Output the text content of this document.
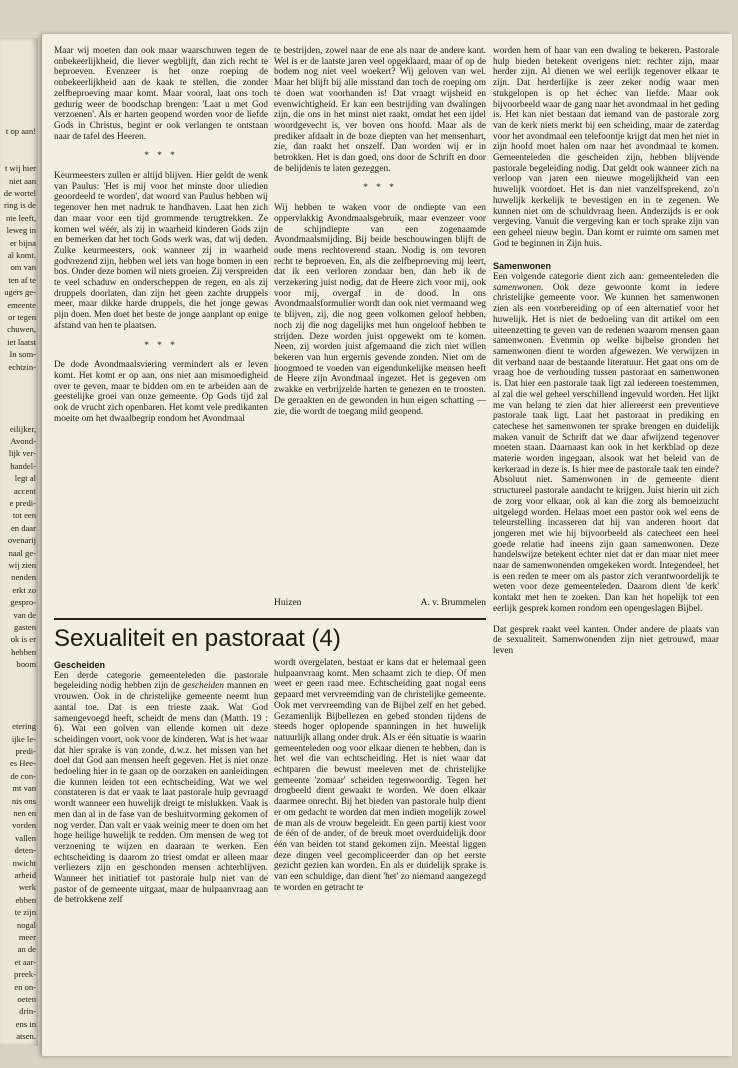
t op aan!
t wij hier
niet aan
de wortel
ring is de
nte leeft,
leweg in
er bijna
al komt.
om van
ten af te
ugers ge-
emeente
or tegen
chuwen,
iet laatst
In som-
echtzin-
eilijker,
Avond-
lijk ver-
handel-
legt al
accent
e predi-
tot een
en daar
ovenarij
naal ge-
wij zien
nenden
erkt zo
gespro-
van de
gasten
ok is er
hebben
boom
etering
ijke le-
predi-
es Hee-
de con-
mt van
nis ons
nen en
vorden
vallen
deten-
nwicht
arheid
werk
ebben
te zijn
nogal
meer
an de
et aar-
preek-
en on-
oeten
drin-
ens in
atsen.

Maar wij moeten dan ook maar waarschuwen tegen de onbekeerlijkheid, die liever wegblijft, dan zich recht te beproeven. Evenzeer is het onze roeping de onbekeerlijkheid aan de kaak te stellen, die zonder zelfbeproeving maar komt. Maar vooral, laat ons toch gedurig weer de boodschap brengen: 'Laat u met God verzoenen'. Als er harten geopend worden voor de liefde Gods in Christus, begint er ook verlangen te ontstaan naar de tafel des Heeren.

* * *

Keurmeesters zullen er altijd blijven. Hier geldt de wenk van Paulus: 'Het is mij voor het minste door uliedien geoordeeld te worden', dat woord van Paulus hebben wij tegenover hen met nadruk te handhaven. Laat hen zich dan maar voor een tijd grommende terugtrekken. Ze komen wel wéér, als zij in waarheid kinderen Gods zijn en bemerken dat het toch Gods werk was, dat wij deden. Zulke keurmeesters, ook wanneer zij in waarheid godvrezend zijn, hebben wel iets van hoge bomen in een bos. Onder deze bomen wil niets groeien. Zij verspreiden te veel schaduw en onderscheppen de regen, en als zij druppels doorlaten, dan zijn het geen zachte druppels meer, maar dikke harde druppels, die het jonge gewas pijn doen. Men doet het beste de jonge aanplant op enige afstand van hen te plaatsen.

* * *

De dode Avondmaalsviering vermindert als er leven komt. Het komt er op aan, ons niet aan mismoedigheid over te geven, maar te bidden om en te arbeiden aan de geestelijke groei van onze gemeente. Op Gods tijd zal ook de vrucht zich openbaren. Het komt vele predikanten moeite om het dwaalbegrip rondom het Avondmaal

te bestrijden, zowel naar de ene als naar de andere kant. Wel is er de laatste jaren veel opgeklaard, maar of op de bodem nog niet veel woekert? Wij geloven van wel. Maar het blijft bij alle misstand dan toch de roeping om te doen wat voorhanden is! Dat vraagt wijsheid en evenwichtigheid. Er kan een bestrijding van dwalingen zijn, die ons in het minst niet raakt, omdat het een ijdel woordgevecht is, ver boven ons hoofd. Maar als de prediker afdaalt in de boze diepten van het mensenhart, zie, dan raakt het onszelf. Dan worden wij er in betrokken. Het is dan goed, ons door de Schrift en door de belijdenis te laten gezeggen.

* * *

Wij hebben te waken voor de ondiepte van een oppervlakkig Avondmaalsgebruik, maar evenzeer voor de schijndiepte van een zogenaamde Avondmaalsmijding. Bij beide beschouwingen blijft de oude mens rechtoverend staan. Nodig is om tevoren recht te beproeven. En, als die zelfbeproeving mij leert, dat ik een verloren zondaar ben, dan heb ik de verzekering juist nodig, dat de Heere zich voor mij, ook voor mij, overgaf in de dood. In ons Avondmaalsformulier wordt dan ook niet vermaand weg te blijven, zij, die nog geen volkomen geloof hebben, noch zij die nog dagelijks met hun ongeloof hebben te strijden. Deze worden juist opgewekt om te komen. Neen, zij worden juist afgemaand die zich niet willen bekeren van hun ergernis gevende zonden. Niet om de hoogmoed te voeden van eigendunkelijke mensen heeft de Heere zijn Avondmaal ingezet. Het is gegeven om zwakke en verbrijzelde harten te genezen en te troosten. De geraakten en de gewonden in hun eigen schatting — zie, die wordt de toegang mild geopend.

Huizen	A. v. Brummelen
Sexualiteit en pastoraat (4)
Gescheiden

Een derde categorie gemeenteleden die pastorale begeleiding nodig hebben zijn de gescheiden mannen en vrouwen. Ook in de christelijke gemeente neemt hun aantal toe. Dat is een trieste zaak. Wat God samengevoegd heeft, scheidt de mens dan (Matth. 19 : 6). Wat een golven van ellende komen uit deze scheidingen voort, ook voor de kinderen. Wat is het waar dat hier sprake is van zonde, d.w.z. het missen van het doel dat God aan mensen heeft gegeven. Het is niet onze bedoeling hier in te gaan op de oorzaken en aanleidingen die kunnen leiden tot een echtscheiding. Wat we wel constateren is dat er vaak te laat pastorale hulp gevraagd wordt wanneer een huwelijk dreigt te mislukken. Vaak is men dan al in de fase van de besluitvorming gekomen of nog verder. Dan valt er vaak weinig meer te doen om het hoge heilige huwelijk te redden. Om mensen de weg tot verzoening te wijzen en daaraan te werken. Een echtscheiding is daarom zo triest omdat er alleen maar verliezers zijn en geschonden mensen achterblijven. Wanneer het initiatief tot pastorale hulp niet van de pastor of de gemeente uitgaat, maar de hulpaanvraag aan de betrokkene zelf

wordt overgelaten, bestaat er kans dat er helemaal geen hulpaanvraag komt. Men schaamt zich te diep. Of men weet er geen raad mee. Echtscheiding gaat nogal eens gepaard met vervreemding van de christelijke gemeente. Ook met vervreemding van de Bijbel zelf en het gebed. Gezamenlijk Bijbellezen en gebed stonden tijdens de steeds hoger oplopende spanningen in het huwelijk natuurlijk allang onder druk. Als er één situatie is waarin gemeenteleden oog voor elkaar dienen te hebben, dan is het wel die van echtscheiding. Het is niet waar dat echtparen die bewust meeleven met de christelijke gemeente 'zomaar' scheiden tegenwoordig. Tegen het drogbeeld dient gewaakt te worden. We doen elkaar daarmee onrecht. Bij het bieden van pastorale hulp dient er om gedacht te worden dat men indien mogelijk zowel de man als de vrouw begeleidt. En geen partij kiest voor de één of de ander, of de breuk moet overduidelijk door één van beiden tot stand gekomen zijn. Meestal liggen deze dingen veel gecompliceerder dan op het eerste gezicht gezien kan worden. En als er duidelijk sprake is van een schuldige, dan dient 'het' zo niemand aangezegd te worden en getracht te

worden hem of haar van een dwaling te bekeren. Pastorale hulp bieden betekent overigens niet: rechter zijn, maar herder zijn. Al dienen we wel eerlijk tegenover elkaar te zijn. Dat herderlijke is zeer zeker nodig waar men stukgelopen is op het échec van liefde. Maar ook bijvoorbeeld waar de gang naar het avondmaal in het geding is. Het kan niet bestaan dat iemand van de pastorale zorg van de kerk niets merkt bij een scheiding, maar de zaterdag voor het avondmaal een telefoontje krijgt dat men het niet in zijn hoofd moet halen om naar het avondmaal te komen. Gemeenteleden die gescheiden zijn, hebben blijvende pastorale begeleiding nodig. Dat geldt ook wanneer zich na verloop van jaren een nieuwe mogelijkheid van een huwelijk voordoet. Het is dan niet vanzelfsprekend, zo'n huwelijk kerkelijk te bevestigen en in te zegenen. We kunnen niet om de schuldvraag heen. Anderzijds is er ook vergeving. Vanuit die vergeving kan er toch sprake zijn van een geheel nieuw begin. Dan komt er ruimte om samen met God te beginnen in Zijn huis.

Samenwonen

Een volgende categorie dient zich aan: gemeenteleden die samenwonen. Ook deze gewoonte komt in iedere christelijke gemeente voor. We kunnen het samenwonen zien als een voorbereiding op of een alternatief voor het huwelijk. Het is niet de bedoeling van dit artikel om een uiteenzetting te geven van de redenen waarom mensen gaan samenwonen. Evenmin op welke bijbelse gronden het samenwonen dient te worden afgewezen. We verwijzen in dit verband naar de bestaande literatuur. Het gaat ons om de vraag hoe de verhouding tussen pastoraat en samenwonen is. Dat hier een pastorale taak ligt zal iedereen toestemmen, al zal die wel geheel verschillend ingevuld worden. Het lijkt me van belang te zien dat hier allereerst een preventieve pastorale taak ligt. Laat het pastoraat in prediking en catechese het samenwonen ter sprake brengen en duidelijk maken vanuit de Schrift dat we daar afwijzend tegenover moeten staan. Daarnaast kan ook in het kerkblad op deze materie worden ingegaan, alsook wat het beleid van de kerkeraad in deze is. Is hier mee de pastorale taak ten einde? Absoluut niet. Samenwonen in de gemeente dient structureel pastorale aandacht te krijgen. Juist hierin uit zich de zorg voor elkaar, ook al kan die zorg als bemoeizucht uitgelegd worden. Helaas moet een pastor ook wel eens de teleurstelling incasseren dat hij van anderen hoort dat jongeren met wie hij bijvoorbeeld als catecheet een heel goede relatie had ineens zijn gaan samenwonen. Deze handelswijze betekent echter niet dat er dan maar niet meer naar de samenwonenden omgekeken wordt. Integendeel, het is een reden te meer om als pastor zich verantwoordelijk te weten voor deze gemeenteleden. Daarom dient 'de kerk' kontakt met hen te zoeken. Dan kan het hopelijk tot een eerlijk gesprek komen rondom een opengeslagen Bijbel.

Dat gesprek raakt veel kanten. Onder andere de plaats van de sexualiteit. Samenwonenden zijn niet getrouwd, maar leven
